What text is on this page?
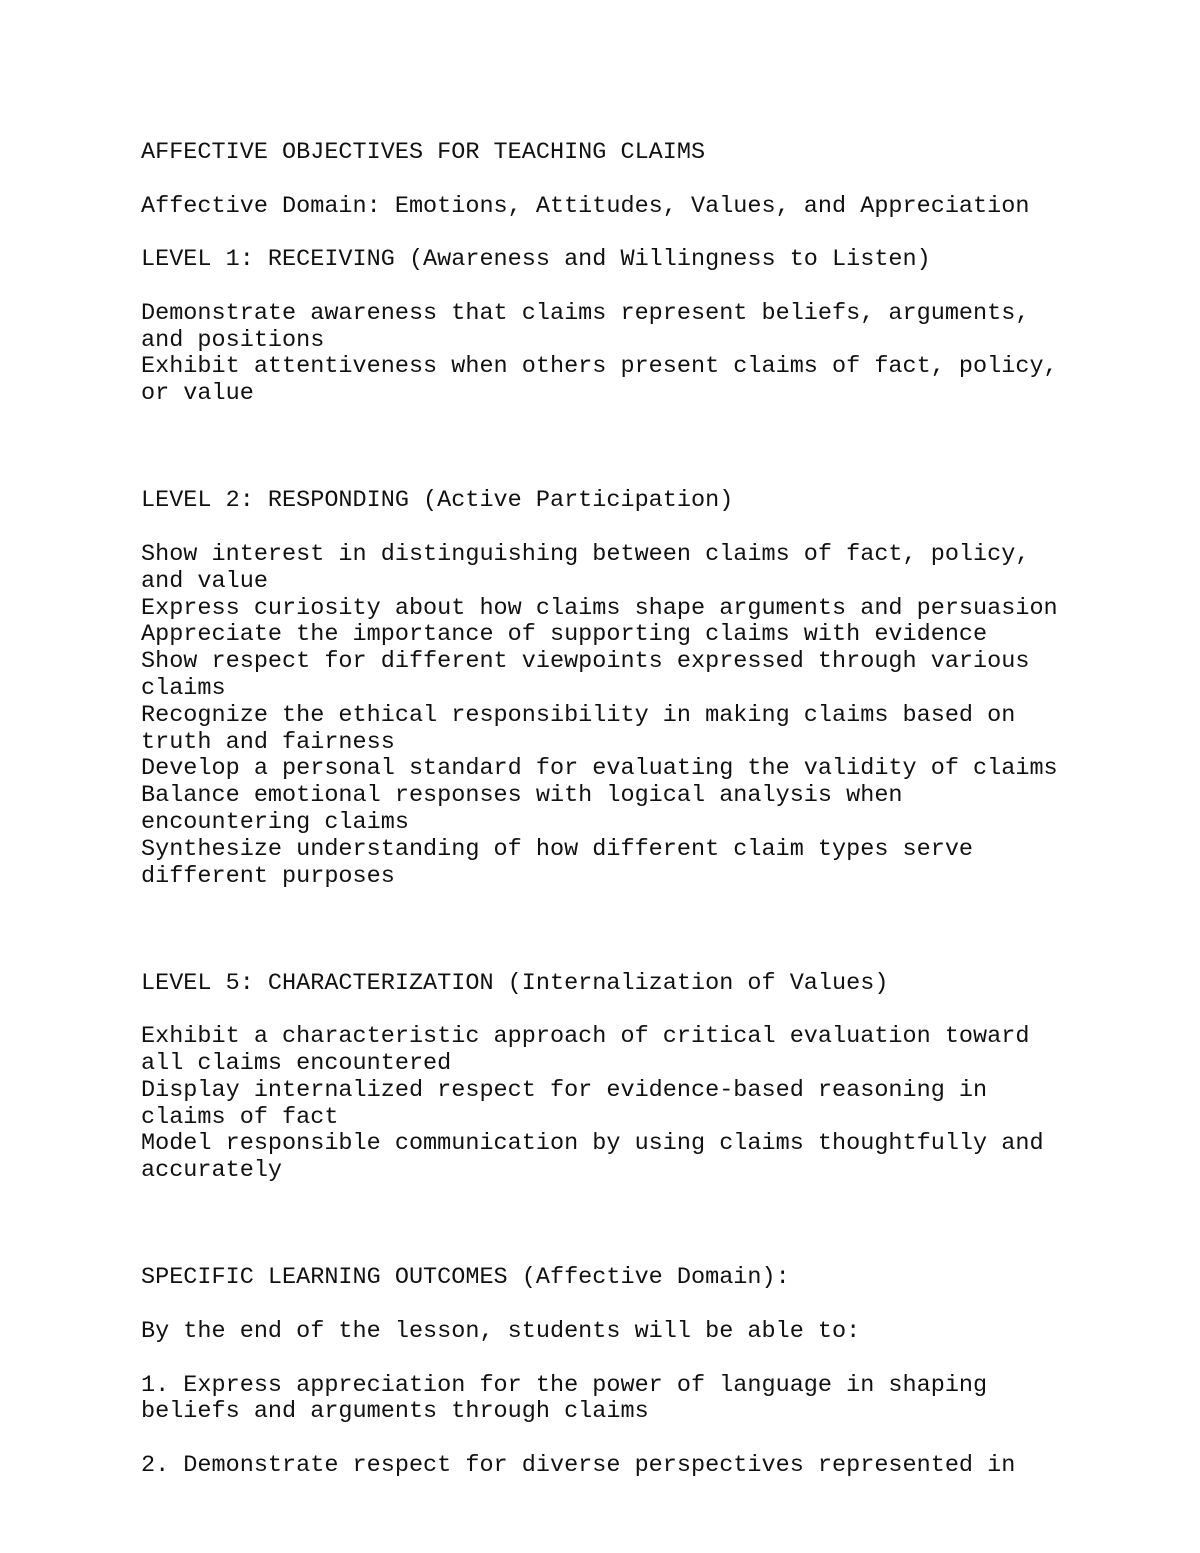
AFFECTIVE OBJECTIVES FOR TEACHING CLAIMS

Affective Domain: Emotions, Attitudes, Values, and Appreciation

LEVEL 1: RECEIVING (Awareness and Willingness to Listen)

Demonstrate awareness that claims represent beliefs, arguments,

and positions

Exhibit attentiveness when others present claims of fact, policy,

or value

LEVEL 2: RESPONDING (Active Participation)

Show interest in distinguishing between claims of fact, policy,

and value

Express curiosity about how claims shape arguments and persuasion

Appreciate the importance of supporting claims with evidence

Show respect for different viewpoints expressed through various

claims

Recognize the ethical responsibility in making claims based on

truth and fairness

Develop a personal standard for evaluating the validity of claims

Balance emotional responses with logical analysis when

encountering claims

Synthesize understanding of how different claim types serve

different purposes

LEVEL 5: CHARACTERIZATION (Internalization of Values)

Exhibit a characteristic approach of critical evaluation toward

all claims encountered

Display internalized respect for evidence-based reasoning in

claims of fact

Model responsible communication by using claims thoughtfully and

accurately

SPECIFIC LEARNING OUTCOMES (Affective Domain):

By the end of the lesson, students will be able to:

1. Express appreciation for the power of language in shaping

beliefs and arguments through claims

2. Demonstrate respect for diverse perspectives represented in
